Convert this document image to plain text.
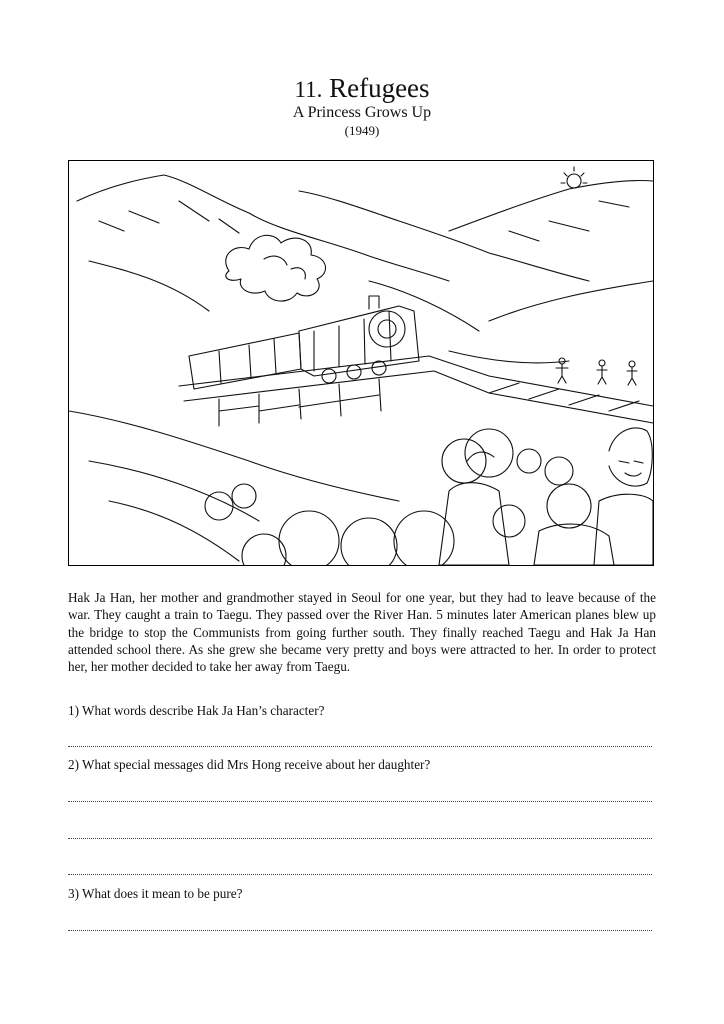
11. Refugees
A Princess Grows Up
(1949)
Hak Ja Han, her mother and grandmother stayed in Seoul for one year, but they had to leave because of the war. They caught a train to Taegu. They passed over the River Han. 5 minutes later American planes blew up the bridge to stop the Communists from going further south. They finally reached Taegu and Hak Ja Han attended school there. As she grew she became very pretty and boys were attracted to her. In order to protect her, her mother decided to take her away from Taegu.
1) What words describe Hak Ja Han’s character?
2) What special messages did Mrs Hong receive about her daughter?
3) What does it mean to be pure?
